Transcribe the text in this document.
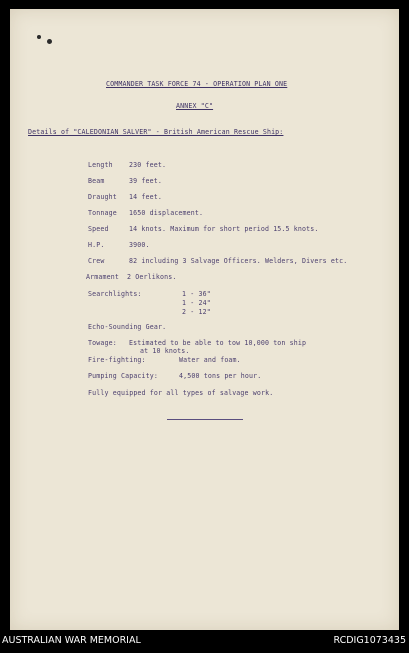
COMMANDER TASK FORCE 74 - OPERATION PLAN ONE
ANNEX "C"
Details of "CALEDONIAN SALVER" - British American Rescue Ship:
Length 230 feet.
Beam	39 feet.
Draught 14 feet.
Tonnage 1650 displacement.
Speed	14 knots. Maximum for short period 15.5 knots.
H.P.	3900.
Crew	82 including 3 Salvage Officers. Welders, Divers etc.
Armament 2 Oerlikons.
Searchlights:	1 - 36"
1 - 24"
2 - 12"
Echo-Sounding Gear.
Towage: Estimated to be able to tow 10,000 ton ship
at 10 knots.
Fire-fighting:	Water and foam.
Pumping Capacity:	4,500 tons per hour.
Fully equipped for all types of salvage work.
AUSTRALIAN WAR MEMORIAL	RCDIG1073435
